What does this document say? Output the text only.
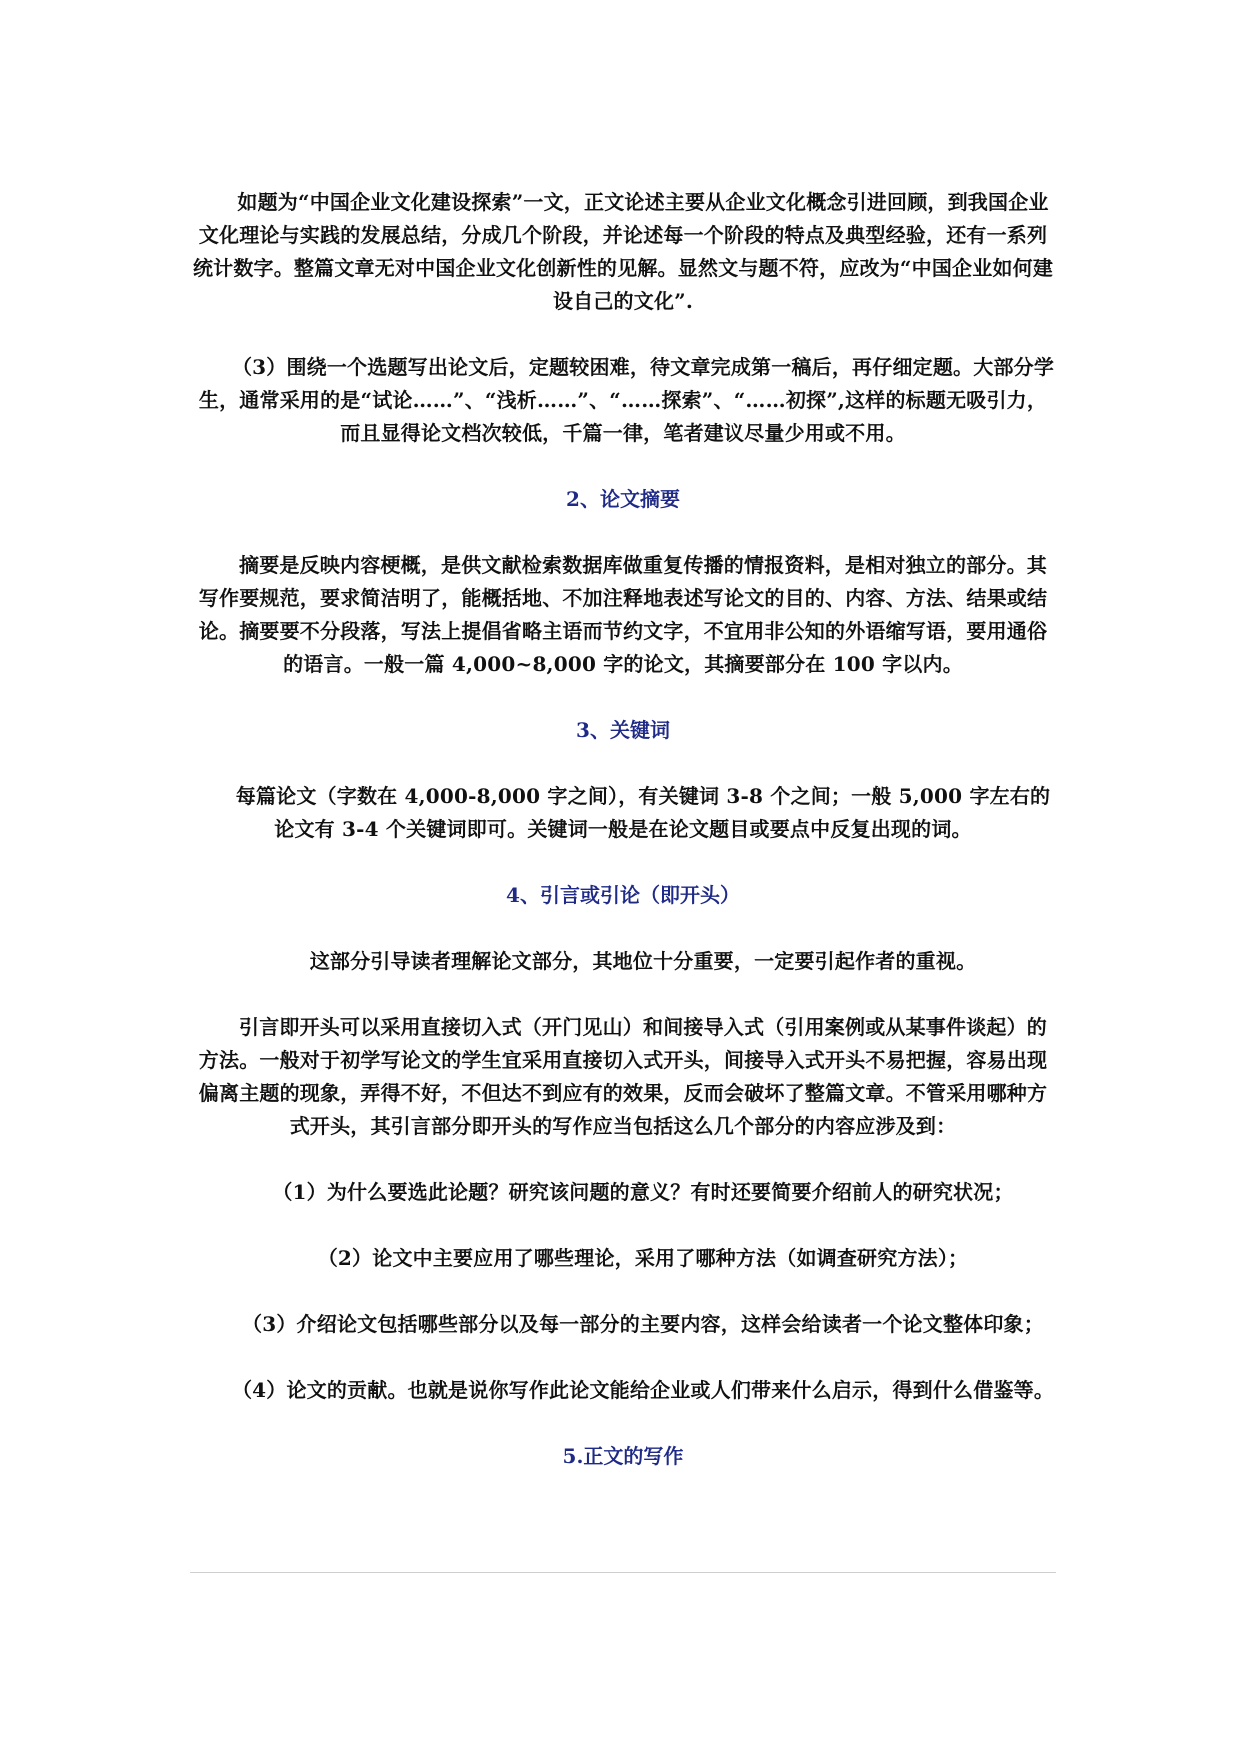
如题为“中国企业文化建设探索”一文，正文论述主要从企业文化概念引进回顾，到我国企业文化理论与实践的发展总结，分成几个阶段，并论述每一个阶段的特点及典型经验，还有一系列统计数字。整篇文章无对中国企业文化创新性的见解。显然文与题不符，应改为“中国企业如何建设自己的文化”.

（3）围绕一个选题写出论文后，定题较困难，待文章完成第一稿后，再仔细定题。大部分学生，通常采用的是“试论……”、“浅析……”、“……探索”、“……初探”,这样的标题无吸引力，而且显得论文档次较低，千篇一律，笔者建议尽量少用或不用。

2、论文摘要

摘要是反映内容梗概，是供文献检索数据库做重复传播的情报资料，是相对独立的部分。其写作要规范，要求简洁明了，能概括地、不加注释地表述写论文的目的、内容、方法、结果或结论。摘要要不分段落，写法上提倡省略主语而节约文字，不宜用非公知的外语缩写语，要用通俗的语言。一般一篇 4,000~8,000 字的论文，其摘要部分在 100 字以内。

3、关键词

每篇论文（字数在 4,000-8,000 字之间），有关键词 3-8 个之间；一般 5,000 字左右的论文有 3-4 个关键词即可。关键词一般是在论文题目或要点中反复出现的词。

4、引言或引论（即开头）

这部分引导读者理解论文部分，其地位十分重要，一定要引起作者的重视。

引言即开头可以采用直接切入式（开门见山）和间接导入式（引用案例或从某事件谈起）的方法。一般对于初学写论文的学生宜采用直接切入式开头，间接导入式开头不易把握，容易出现偏离主题的现象，弄得不好，不但达不到应有的效果，反而会破坏了整篇文章。不管采用哪种方式开头，其引言部分即开头的写作应当包括这么几个部分的内容应涉及到：

（1）为什么要选此论题？研究该问题的意义？有时还要简要介绍前人的研究状况；

（2）论文中主要应用了哪些理论，采用了哪种方法（如调查研究方法）；

（3）介绍论文包括哪些部分以及每一部分的主要内容，这样会给读者一个论文整体印象；

（4）论文的贡献。也就是说你写作此论文能给企业或人们带来什么启示，得到什么借鉴等。

5.正文的写作
